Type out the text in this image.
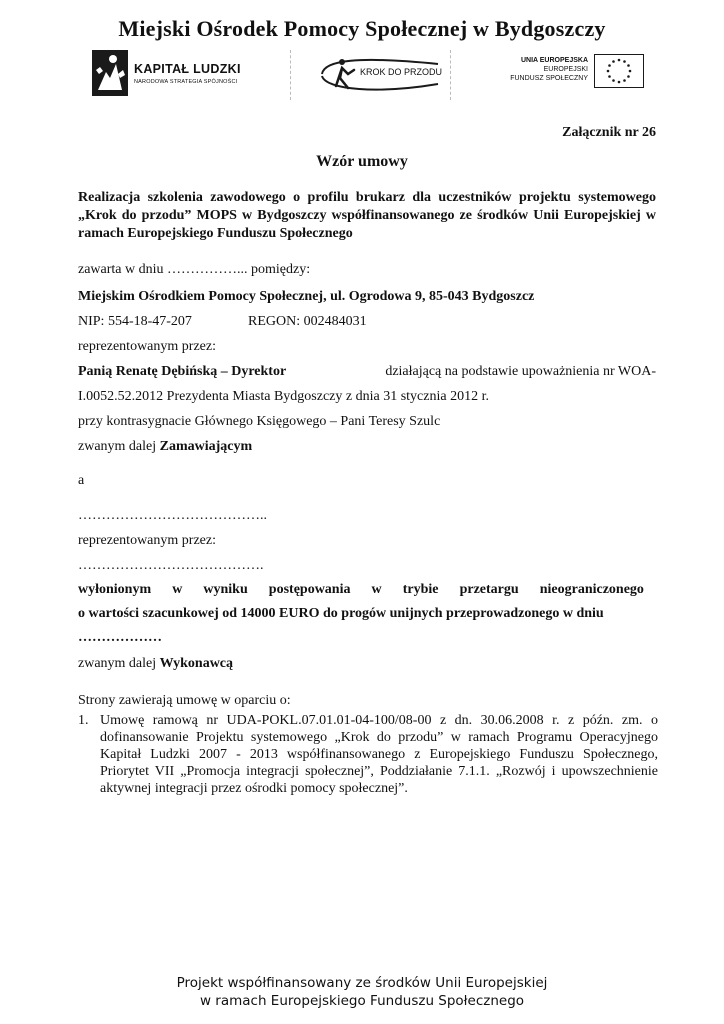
Miejski Ośrodek Pomocy Społecznej w Bydgoszczy
KAPITAŁ LUDZKI
NARODOWA STRATEGIA SPÓJNOŚCI
KROK DO PRZODU
UNIA EUROPEJSKA
EUROPEJSKI
FUNDUSZ SPOŁECZNY
Załącznik nr 26
Wzór umowy
Realizacja szkolenia zawodowego o profilu brukarz dla uczestników projektu systemowego „Krok do przodu” MOPS w Bydgoszczy współfinansowanego ze środków Unii Europejskiej w ramach Europejskiego Funduszu Społecznego
zawarta w dniu ……………... pomiędzy:
Miejskim Ośrodkiem Pomocy Społecznej, ul. Ogrodowa 9, 85-043 Bydgoszcz
NIP: 554-18-47-207	REGON: 002484031
reprezentowanym przez:
Panią Renatę Dębińską – Dyrektor	działającą na podstawie upoważnienia nr WOA-
I.0052.52.2012 Prezydenta Miasta Bydgoszczy z dnia 31 stycznia 2012 r.
przy kontrasygnacie Głównego Księgowego – Pani Teresy Szulc
zwanym dalej Zamawiającym
a
…………………………………..
reprezentowanym przez:
………………………………….
wyłonionym w wyniku postępowania w trybie przetargu nieograniczonego
o wartości szacunkowej od 14000 EURO do progów unijnych przeprowadzonego w dniu
………………
zwanym dalej Wykonawcą
Strony zawierają umowę w oparciu o:
1. Umowę ramową nr UDA-POKL.07.01.01-04-100/08-00 z dn. 30.06.2008 r. z późn. zm. o dofinansowanie Projektu systemowego „Krok do przodu” w ramach Programu Operacyjnego Kapitał Ludzki 2007 - 2013 współfinansowanego z Europejskiego Funduszu Społecznego, Priorytet VII „Promocja integracji społecznej”, Poddziałanie 7.1.1. „Rozwój i upowszechnienie aktywnej integracji przez ośrodki pomocy społecznej”.
Projekt współfinansowany ze środków Unii Europejskiej
w ramach Europejskiego Funduszu Społecznego
